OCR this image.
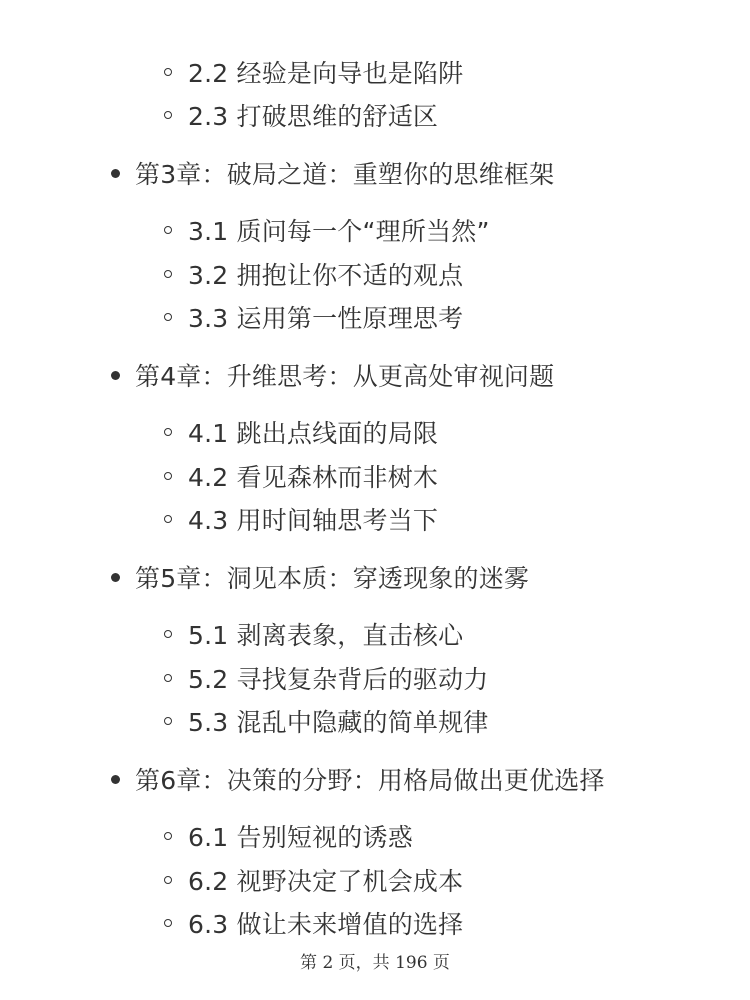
2.2 经验是向导也是陷阱
2.3 打破思维的舒适区
第3章：破局之道：重塑你的思维框架
3.1 质问每一个“理所当然”
3.2 拥抱让你不适的观点
3.3 运用第一性原理思考
第4章：升维思考：从更高处审视问题
4.1 跳出点线面的局限
4.2 看见森林而非树木
4.3 用时间轴思考当下
第5章：洞见本质：穿透现象的迷雾
5.1 剥离表象，直击核心
5.2 寻找复杂背后的驱动力
5.3 混乱中隐藏的简单规律
第6章：决策的分野：用格局做出更优选择
6.1 告别短视的诱惑
6.2 视野决定了机会成本
6.3 做让未来增值的选择
第 2 页，共 196 页
